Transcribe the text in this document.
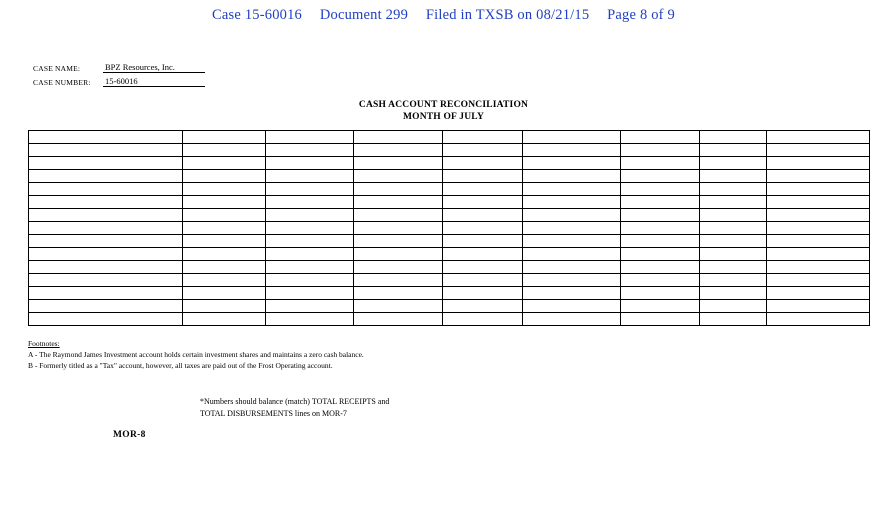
Case 15-60016 Document 299 Filed in TXSB on 08/21/15 Page 8 of 9
CASE NAME:	BPZ Resources, Inc.
CASE NUMBER:	15-60016
CASH ACCOUNT RECONCILIATION
MONTH OF JULY

Footnotes:
A - The Raymond James Investment account holds certain investment shares and maintains a zero cash balance.
B - Formerly titled as a "Tax" account, however, all taxes are paid out of the Frost Operating account.
*Numbers should balance (match) TOTAL RECEIPTS and
TOTAL DISBURSEMENTS lines on MOR-7
MOR-8
